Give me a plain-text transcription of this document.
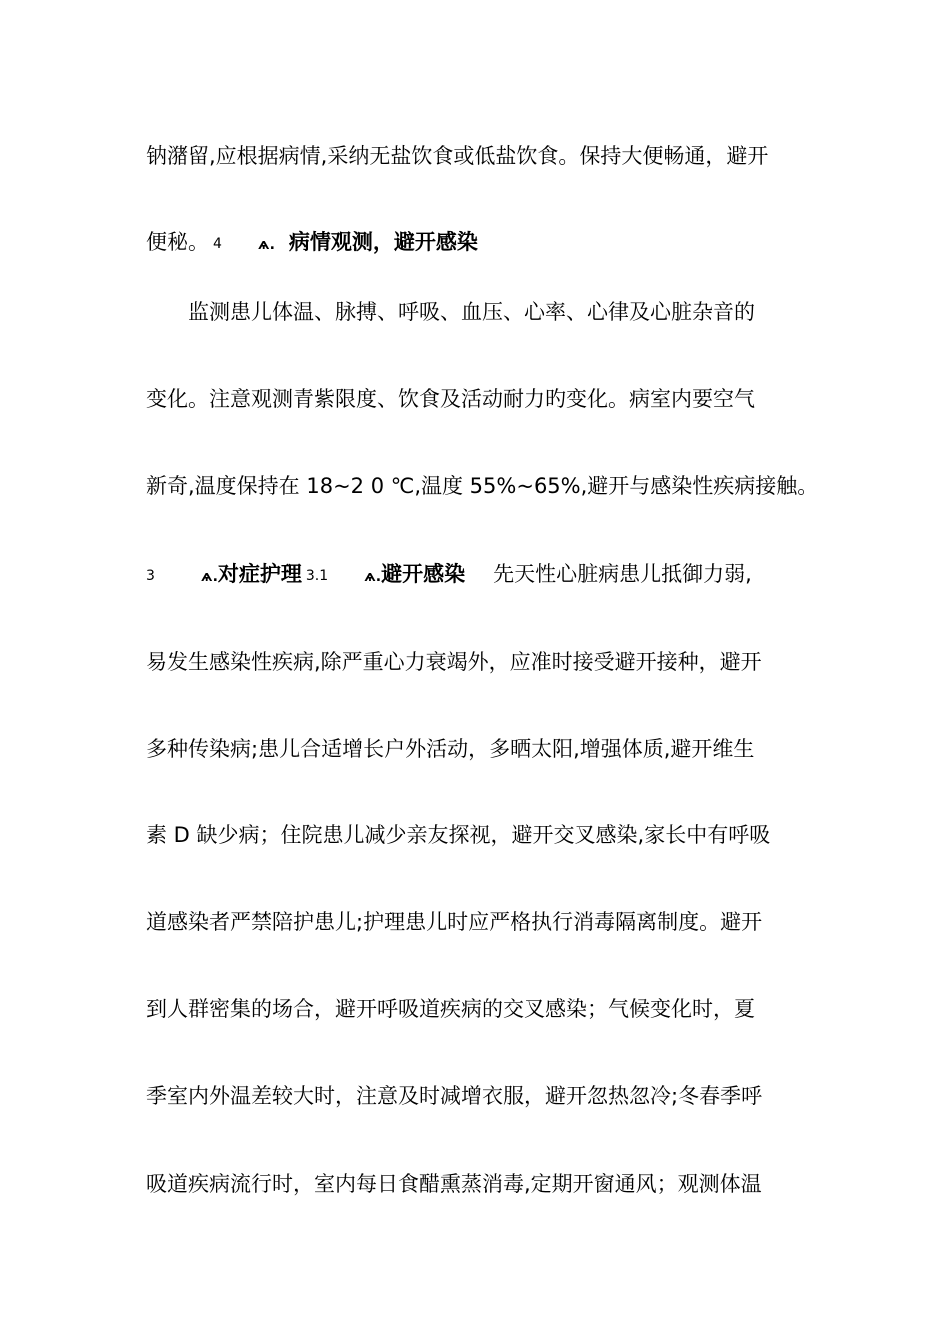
钠潴留,应根据病情,采纳无盐饮食或低盐饮食。保持大便畅通，避开
便秘。 4	ѧ. 病情观测，避开感染
监测患儿体温、脉搏、呼吸、血压、心率、心律及心脏杂音的
变化。注意观测青紫限度、饮食及活动耐力旳变化。病室内要空气
新奇,温度保持在 18~2 0 ℃,温度 55%~65%,避开与感染性疾病接触。
3	ѧ.对症护理 3.1	ѧ.避开感染 先天性心脏病患儿抵御力弱,
易发生感染性疾病,除严重心力衰竭外，应准时接受避开接种，避开
多种传染病;患儿合适增长户外活动，多晒太阳,增强体质,避开维生
素 D 缺少病；住院患儿减少亲友探视，避开交叉感染,家长中有呼吸
道感染者严禁陪护患儿;护理患儿时应严格执行消毒隔离制度。避开
到人群密集的场合，避开呼吸道疾病的交叉感染；气候变化时，夏
季室内外温差较大时，注意及时减增衣服，避开忽热忽冷;冬春季呼
吸道疾病流行时，室内每日食醋熏蒸消毒,定期开窗通风；观测体温
